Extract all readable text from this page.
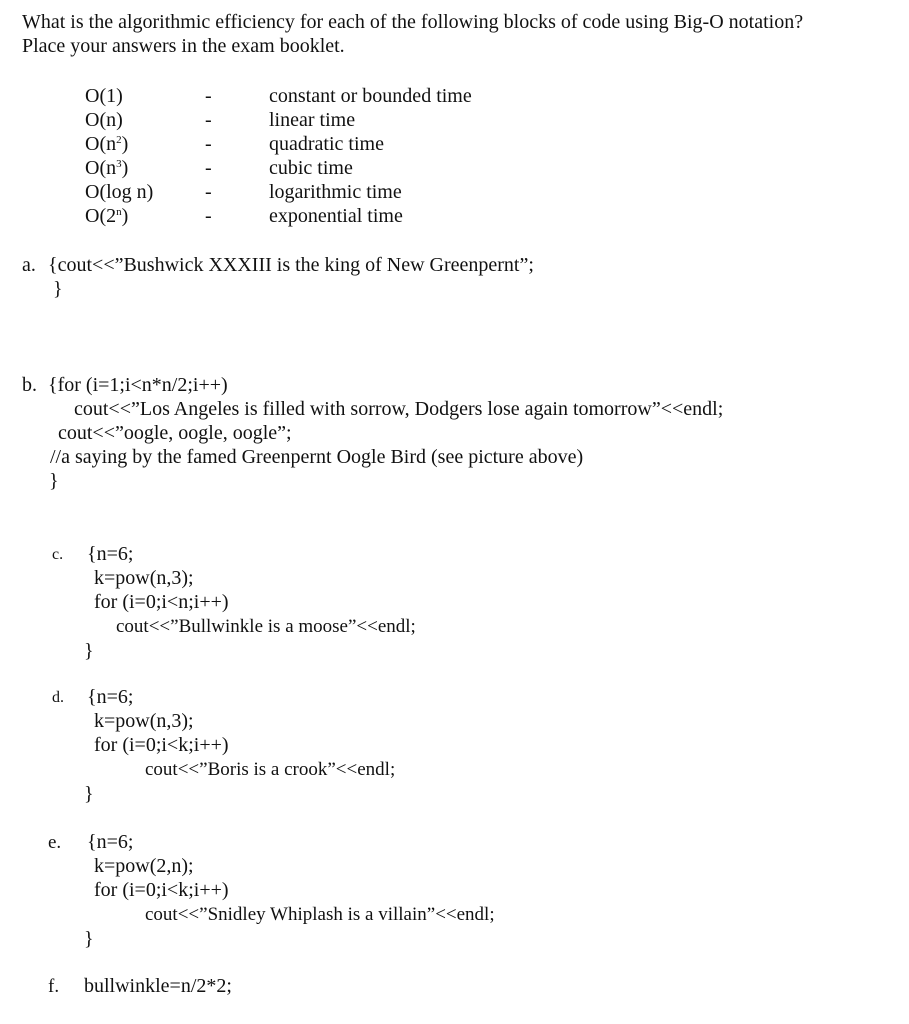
What is the algorithmic efficiency for each of the following blocks of code using Big-O notation?
Place your answers in the exam booklet.
O(1)	-	constant or bounded time
O(n)	-	linear time
$O(n^2)$	-	quadratic time
$O(n^3)$	-	cubic time
O(log n)	-	logarithmic time
O(2$^n$)	-	exponential time
a. {cout<<”Bushwick XXXIII is the king of New Greenpernt”;
}
b. {for (i=1;i<n*n/2;i++)
cout<<”Los Angeles is filled with sorrow, Dodgers lose again tomorrow”<<endl;
cout<<”oogle, oogle, oogle”;
//a saying by the famed Greenpernt Oogle Bird (see picture above)
}
c. {n=6;
k=pow(n,3);
for (i=0;i<n;i++)
cout<<”Bullwinkle is a moose”<<endl;
}
d. {n=6;
k=pow(n,3);
for (i=0;i<k;i++)
cout<<”Boris is a crook”<<endl;
}
e. {n=6;
k=pow(2,n);
for (i=0;i<k;i++)
cout<<”Snidley Whiplash is a villain”<<endl;
}
f. bullwinkle=n/2*2;
